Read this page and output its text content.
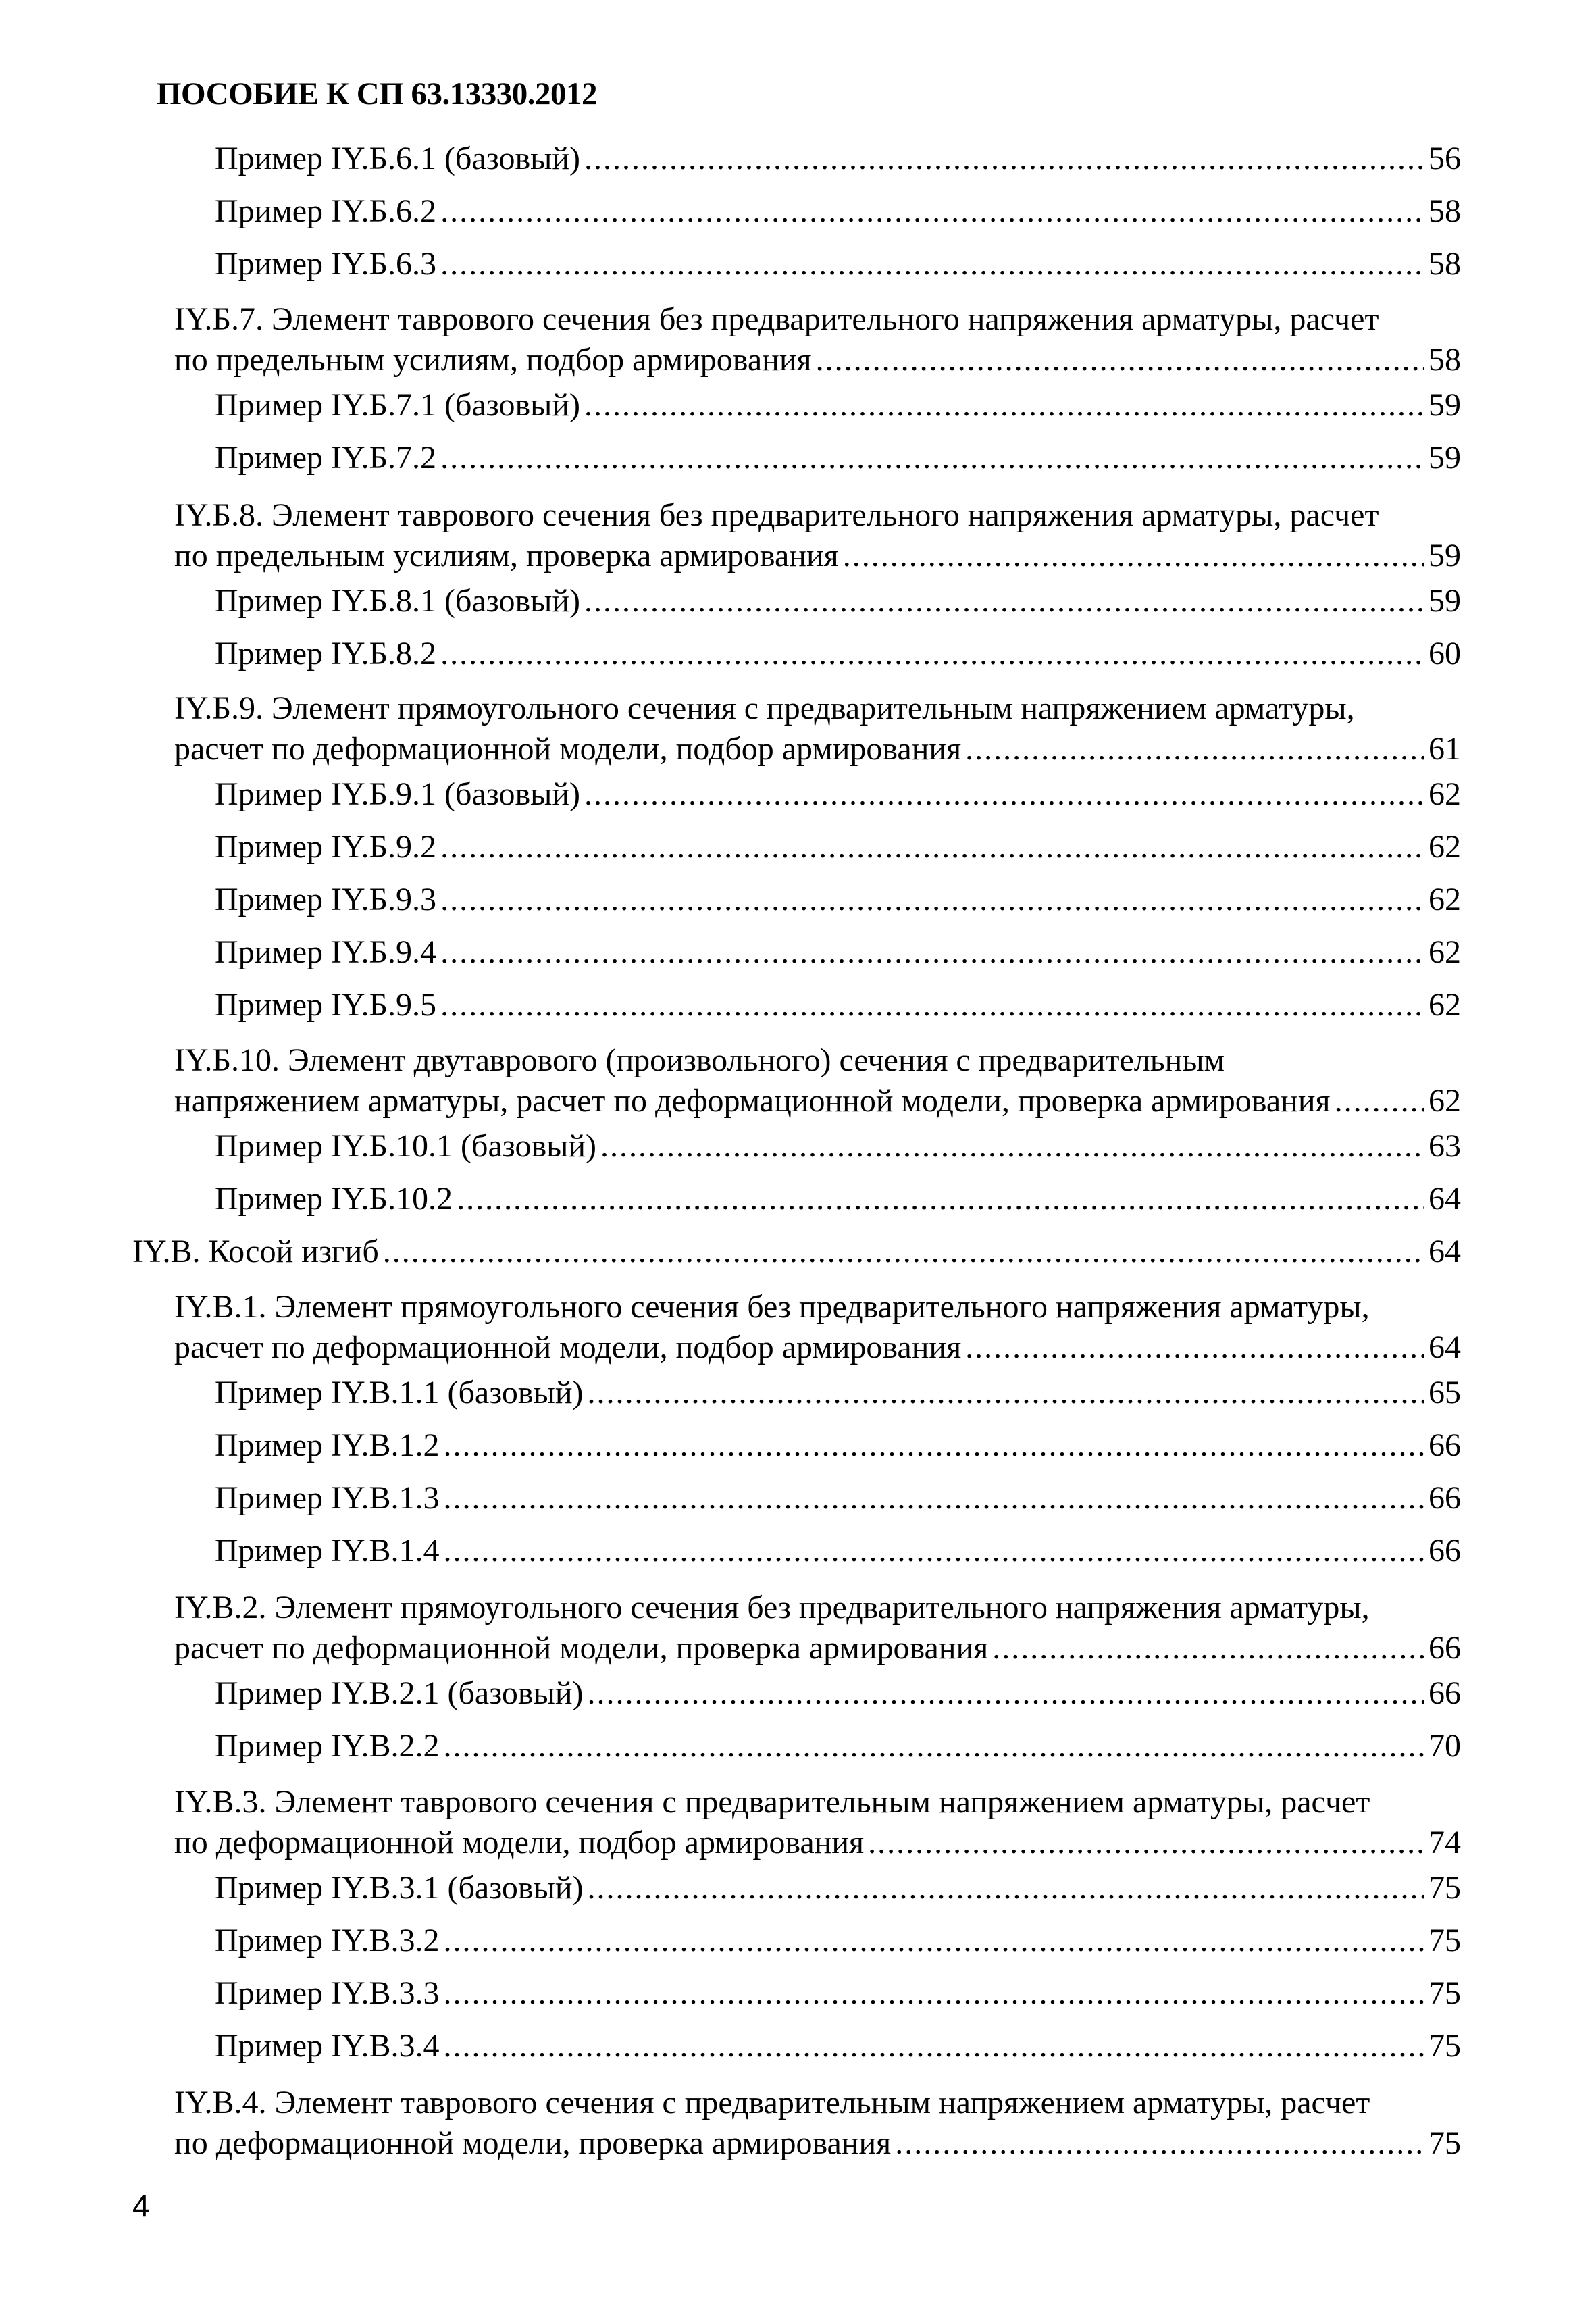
ПОСОБИЕ К СП 63.13330.2012
Пример IY.Б.6.1 (базовый) .....	56
Пример IY.Б.6.2 .....	58
Пример IY.Б.6.3 .....	58
IY.Б.7. Элемент таврового сечения без предварительного напряжения арматуры, расчет
по предельным усилиям, подбор армирования .....	58
Пример IY.Б.7.1 (базовый) .....	59
Пример IY.Б.7.2 .....	59
IY.Б.8. Элемент таврового сечения без предварительного напряжения арматуры, расчет
по предельным усилиям, проверка армирования .....	59
Пример IY.Б.8.1 (базовый) .....	59
Пример IY.Б.8.2 .....	60
IY.Б.9. Элемент прямоугольного сечения с предварительным напряжением арматуры,
расчет по деформационной модели, подбор армирования .....	61
Пример IY.Б.9.1 (базовый) .....	62
Пример IY.Б.9.2 .....	62
Пример IY.Б.9.3 .....	62
Пример IY.Б.9.4 .....	62
Пример IY.Б.9.5 .....	62
IY.Б.10. Элемент двутаврового (произвольного) сечения с предварительным
напряжением арматуры, расчет по деформационной модели, проверка армирования .....	62
Пример IY.Б.10.1 (базовый) .....	63
Пример IY.Б.10.2 .....	64
IY.В. Косой изгиб .....	64
IY.В.1. Элемент прямоугольного сечения без предварительного напряжения арматуры,
расчет по деформационной модели, подбор армирования .....	64
Пример IY.В.1.1 (базовый) .....	65
Пример IY.В.1.2 .....	66
Пример IY.В.1.3 .....	66
Пример IY.В.1.4 .....	66
IY.В.2. Элемент прямоугольного сечения без предварительного напряжения арматуры,
расчет по деформационной модели, проверка армирования .....	66
Пример IY.В.2.1 (базовый) .....	66
Пример IY.В.2.2 .....	70
IY.В.3. Элемент таврового сечения с предварительным напряжением арматуры, расчет
по деформационной модели, подбор армирования .....	74
Пример IY.В.3.1 (базовый) .....	75
Пример IY.В.3.2 .....	75
Пример IY.В.3.3 .....	75
Пример IY.В.3.4 .....	75
IY.В.4. Элемент таврового сечения с предварительным напряжением арматуры, расчет
по деформационной модели, проверка армирования .....	75
4
